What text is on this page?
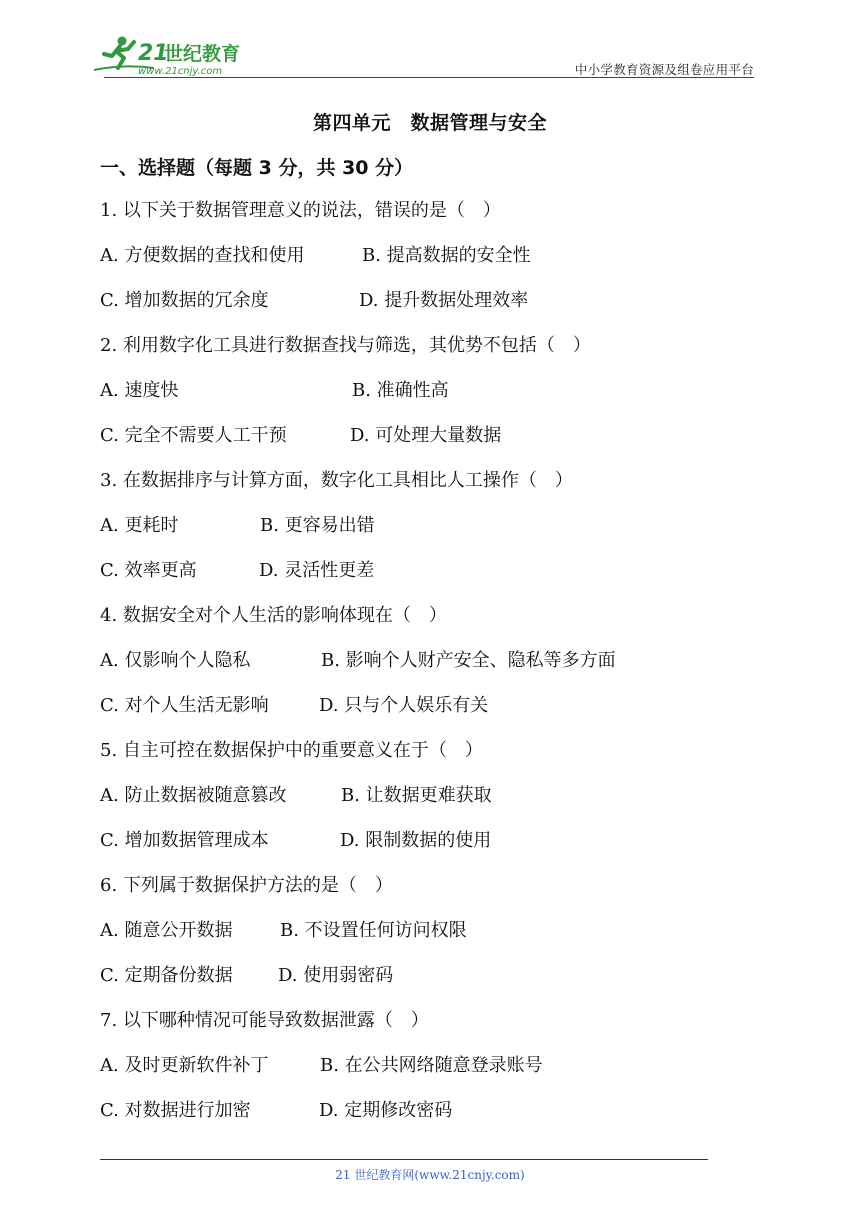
21
世纪教育
www.21cnjy.com	中小学教育资源及组卷应用平台
第四单元　数据管理与安全
一、选择题（每题 3 分，共 30 分）
1. 以下关于数据管理意义的说法，错误的是（　）
A. 方便数据的查找和使用	B. 提高数据的安全性
C. 增加数据的冗余度	D. 提升数据处理效率
2. 利用数字化工具进行数据查找与筛选，其优势不包括（　）
A. 速度快	B. 准确性高
C. 完全不需要人工干预	D. 可处理大量数据
3. 在数据排序与计算方面，数字化工具相比人工操作（　）
A. 更耗时	B. 更容易出错
C. 效率更高	D. 灵活性更差
4. 数据安全对个人生活的影响体现在（　）
A. 仅影响个人隐私	B. 影响个人财产安全、隐私等多方面
C. 对个人生活无影响	D. 只与个人娱乐有关
5. 自主可控在数据保护中的重要意义在于（　）
A. 防止数据被随意篡改	B. 让数据更难获取
C. 增加数据管理成本	D. 限制数据的使用
6. 下列属于数据保护方法的是（　）
A. 随意公开数据	B. 不设置任何访问权限
C. 定期备份数据	D. 使用弱密码
7. 以下哪种情况可能导致数据泄露（　）
A. 及时更新软件补丁	B. 在公共网络随意登录账号
C. 对数据进行加密	D. 定期修改密码
21 世纪教育网(www.21cnjy.com)
